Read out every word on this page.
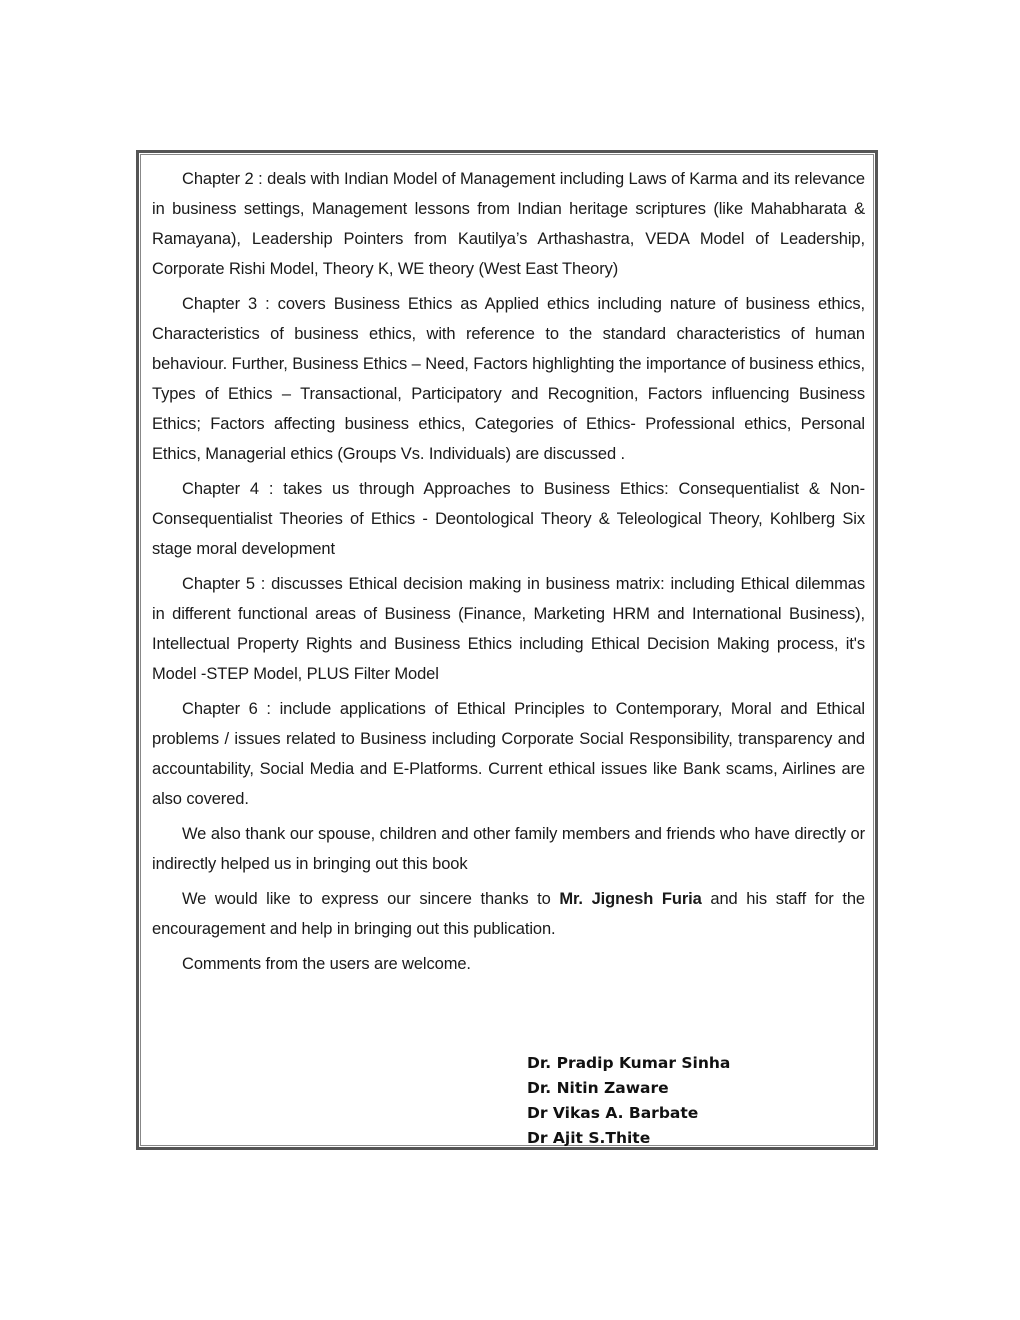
Chapter 2 : deals with Indian Model of Management including Laws of Karma and its relevance in business settings, Management lessons from Indian heritage scriptures (like Mahabharata & Ramayana), Leadership Pointers from Kautilya’s Arthashastra, VEDA Model of Leadership, Corporate Rishi Model, Theory K, WE theory (West East Theory)

Chapter 3 : covers Business Ethics as Applied ethics including nature of business ethics, Characteristics of business ethics, with reference to the standard characteristics of human behaviour. Further, Business Ethics – Need, Factors highlighting the importance of business ethics, Types of Ethics – Transactional, Participatory and Recognition, Factors influencing Business Ethics; Factors affecting business ethics, Categories of Ethics- Professional ethics, Personal Ethics, Managerial ethics (Groups Vs. Individuals) are discussed .

Chapter 4 : takes us through Approaches to Business Ethics: Consequentialist & Non-Consequentialist Theories of Ethics - Deontological Theory & Teleological Theory, Kohlberg Six stage moral development

Chapter 5 : discusses Ethical decision making in business matrix: including Ethical dilemmas in different functional areas of Business (Finance, Marketing HRM and International Business), Intellectual Property Rights and Business Ethics including Ethical Decision Making process, it's Model -STEP Model, PLUS Filter Model

Chapter 6 : include applications of Ethical Principles to Contemporary, Moral and Ethical problems / issues related to Business including Corporate Social Responsibility, transparency and accountability, Social Media and E-Platforms. Current ethical issues like Bank scams, Airlines are also covered.

We also thank our spouse, children and other family members and friends who have directly or indirectly helped us in bringing out this book

We would like to express our sincere thanks to Mr. Jignesh Furia and his staff for the encouragement and help in bringing out this publication.

Comments from the users are welcome.

Dr. Pradip Kumar Sinha
Dr. Nitin Zaware
Dr Vikas A. Barbate
Dr Ajit S.Thite
